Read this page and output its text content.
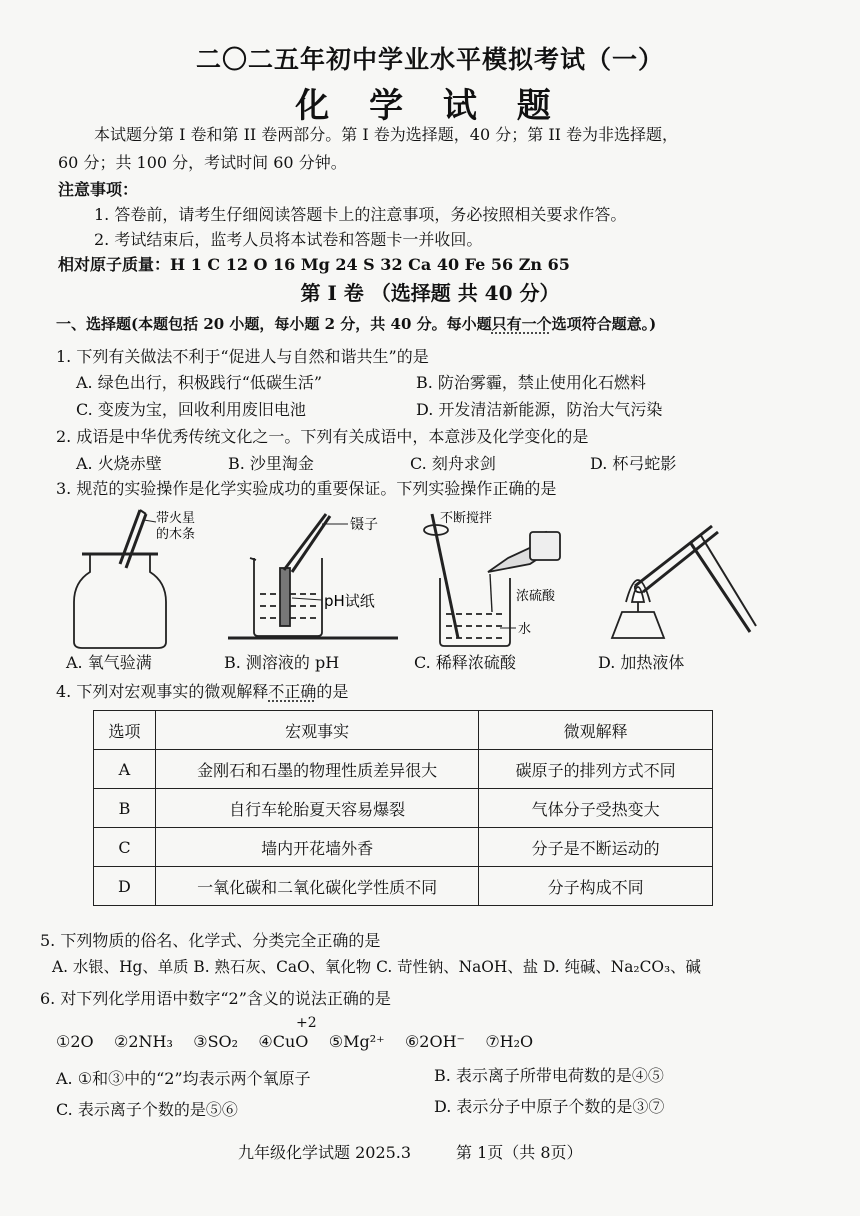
二〇二五年初中学业水平模拟考试（一）
化 学 试 题
本试题分第 I 卷和第 II 卷两部分。第 I 卷为选择题，40 分；第 II 卷为非选择题，
60 分；共 100 分，考试时间 60 分钟。
注意事项：
1. 答卷前，请考生仔细阅读答题卡上的注意事项，务必按照相关要求作答。
2. 考试结束后，监考人员将本试卷和答题卡一并收回。
相对原子质量：H 1 C 12 O 16 Mg 24 S 32 Ca 40 Fe 56 Zn 65
第 I 卷 （选择题 共 40 分）
一、选择题(本题包括 20 小题，每小题 2 分，共 40 分。每小题只有一个选项符合题意。)
1. 下列有关做法不利于“促进人与自然和谐共生”的是
A. 绿色出行，积极践行“低碳生活”	B. 防治雾霾，禁止使用化石燃料
C. 变废为宝，回收利用废旧电池	D. 开发清洁新能源，防治大气污染
2. 成语是中华优秀传统文化之一。下列有关成语中，本意涉及化学变化的是
A. 火烧赤壁	B. 沙里淘金	C. 刻舟求剑	D. 杯弓蛇影
3. 规范的实验操作是化学实验成功的重要保证。下列实验操作正确的是
带火星
的木条
镊子
pH试纸
不断搅拌
浓硫酸
水
A. 氧气验满	B. 测溶液的 pH	C. 稀释浓硫酸	D. 加热液体
4. 下列对宏观事实的微观解释不正确的是
选项	宏观事实	微观解释
A	金刚石和石墨的物理性质差异很大	碳原子的排列方式不同
B	自行车轮胎夏天容易爆裂	气体分子受热变大
C	墙内开花墙外香	分子是不断运动的
D	一氧化碳和二氧化碳化学性质不同	分子构成不同
5. 下列物质的俗名、化学式、分类完全正确的是
A. 水银、Hg、单质 B. 熟石灰、CaO、氧化物 C. 苛性钠、NaOH、盐 D. 纯碱、Na₂CO₃、碱
6. 对下列化学用语中数字“2”含义的说法正确的是
+2
①2O ②2NH₃ ③SO₂ ④CuO ⑤Mg²⁺ ⑥2OH⁻ ⑦H₂O
A. ①和③中的“2”均表示两个氧原子	B. 表示离子所带电荷数的是④⑤
C. 表示离子个数的是⑤⑥	D. 表示分子中原子个数的是③⑦
九年级化学试题 2025.3	第 1页（共 8页）
